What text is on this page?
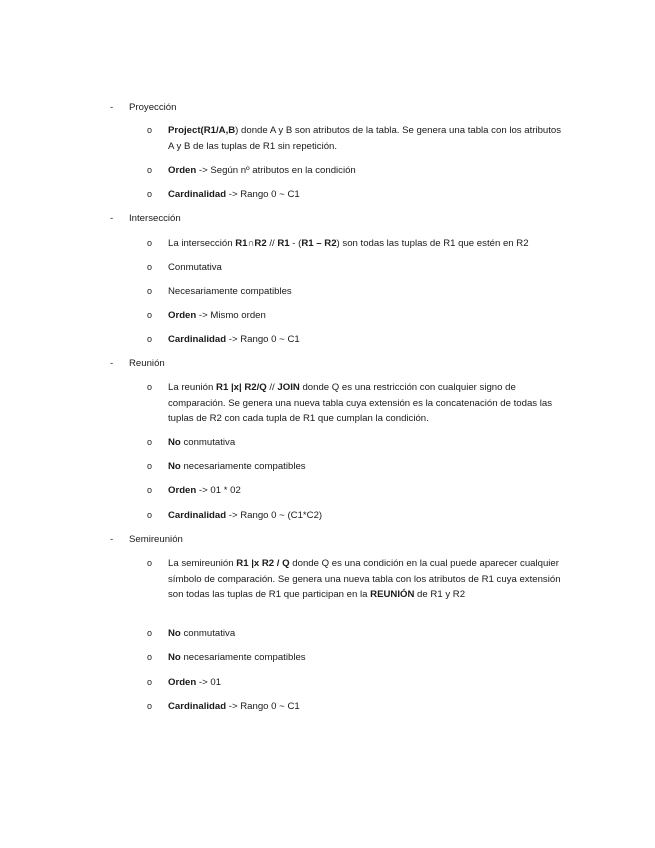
- Proyección
o Project(R1/A,B) donde A y B son atributos de la tabla. Se genera una tabla con los atributos A y B de las tuplas de R1 sin repetición.
o Orden -> Según nº atributos en la condición
o Cardinalidad -> Rango 0 ~ C1
- Intersección
o La intersección R1∩R2 // R1 - (R1 – R2) son todas las tuplas de R1 que estén en R2
o Conmutativa
o Necesariamente compatibles
o Orden -> Mismo orden
o Cardinalidad -> Rango 0 ~ C1
- Reunión
o La reunión R1 |x| R2/Q // JOIN donde Q es una restricción con cualquier signo de comparación. Se genera una nueva tabla cuya extensión es la concatenación de todas las tuplas de R2 con cada tupla de R1 que cumplan la condición.
o No conmutativa
o No necesariamente compatibles
o Orden -> 01 * 02
o Cardinalidad -> Rango 0 ~ (C1*C2)
- Semireunión
o La semireunión R1 |x R2 / Q donde Q es una condición en la cual puede aparecer cualquier símbolo de comparación. Se genera una nueva tabla con los atributos de R1 cuya extensión son todas las tuplas de R1 que participan en la REUNIÓN de R1 y R2
o No conmutativa
o No necesariamente compatibles
o Orden -> 01
o Cardinalidad -> Rango 0 ~ C1
